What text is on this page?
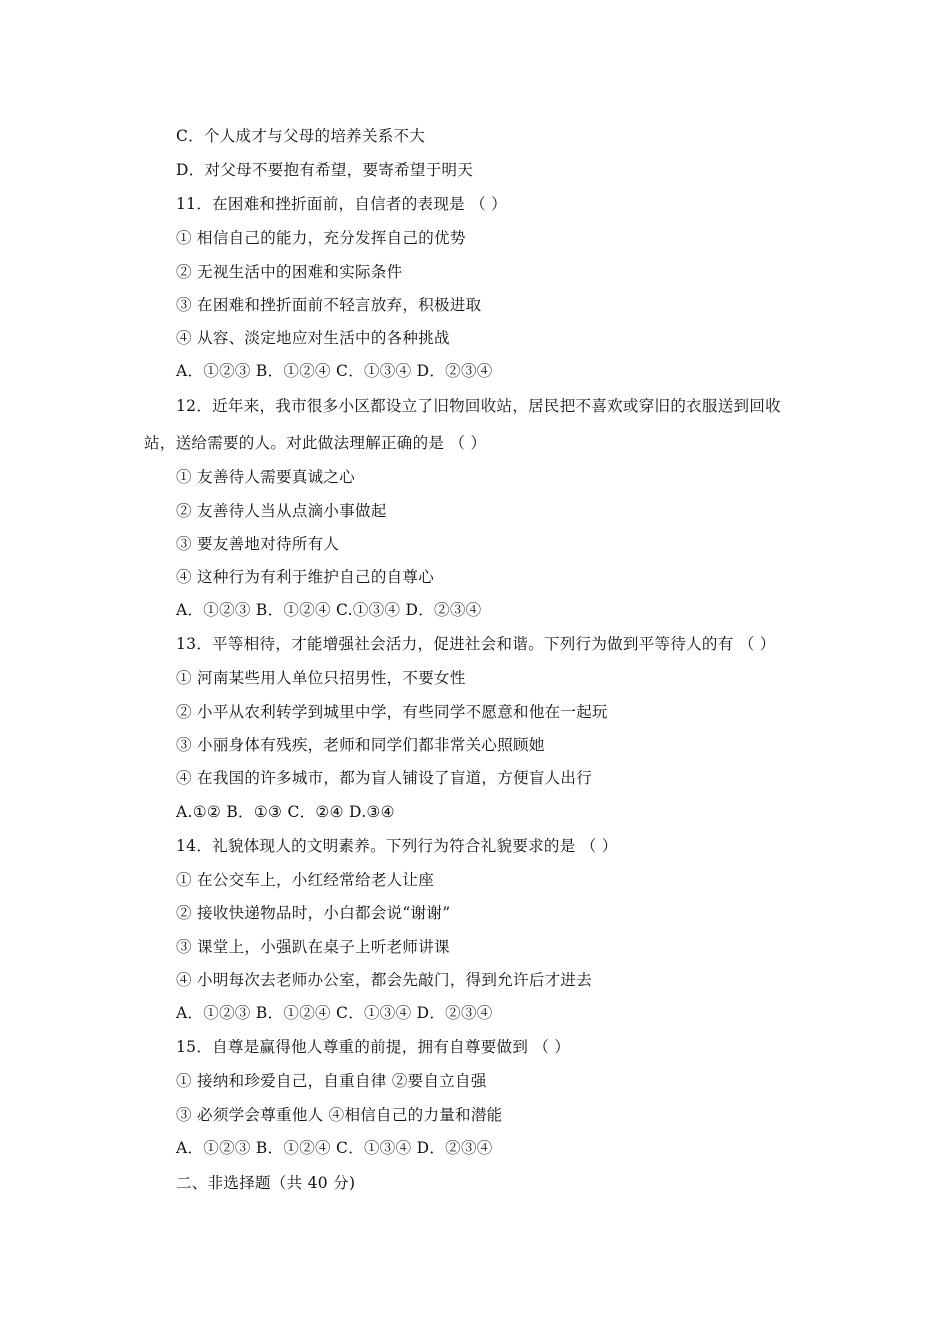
C．个人成才与父母的培养关系不大
D．对父母不要抱有希望，要寄希望于明天
11．在困难和挫折面前，自信者的表现是 （ ）
① 相信自己的能力，充分发挥自己的优势
② 无视生活中的困难和实际条件
③ 在困难和挫折面前不轻言放弃，积极进取
④ 从容、淡定地应对生活中的各种挑战
A．①②③ B．①②④ C．①③④ D．②③④
12．近年来，我市很多小区都设立了旧物回收站，居民把不喜欢或穿旧的衣服送到回收
站，送给需要的人。对此做法理解正确的是 （ ）
① 友善待人需要真诚之心
② 友善待人当从点滴小事做起
③ 要友善地对待所有人
④ 这种行为有利于维护自己的自尊心
A．①②③ B．①②④ C.①③④ D．②③④
13．平等相待，才能增强社会活力，促进社会和谐。下列行为做到平等待人的有 （ ）
① 河南某些用人单位只招男性，不要女性
② 小平从农利转学到城里中学，有些同学不愿意和他在一起玩
③ 小丽身体有残疾，老师和同学们都非常关心照顾她
④ 在我国的许多城市，都为盲人铺设了盲道，方便盲人出行
A.①② B．①③ C．②④ D.③④
14．礼貌体现人的文明素养。下列行为符合礼貌要求的是 （ ）
① 在公交车上，小红经常给老人让座
② 接收快递物品时，小白都会说“谢谢”
③ 课堂上，小强趴在桌子上听老师讲课
④ 小明每次去老师办公室，都会先敲门，得到允许后才进去
A．①②③ B．①②④ C．①③④ D．②③④
15．自尊是赢得他人尊重的前提，拥有自尊要做到 （ ）
① 接纳和珍爱自己，自重自律 ②要自立自强
③ 必须学会尊重他人 ④相信自己的力量和潜能
A．①②③ B．①②④ C．①③④ D．②③④
二、非选择题（共 40 分)
